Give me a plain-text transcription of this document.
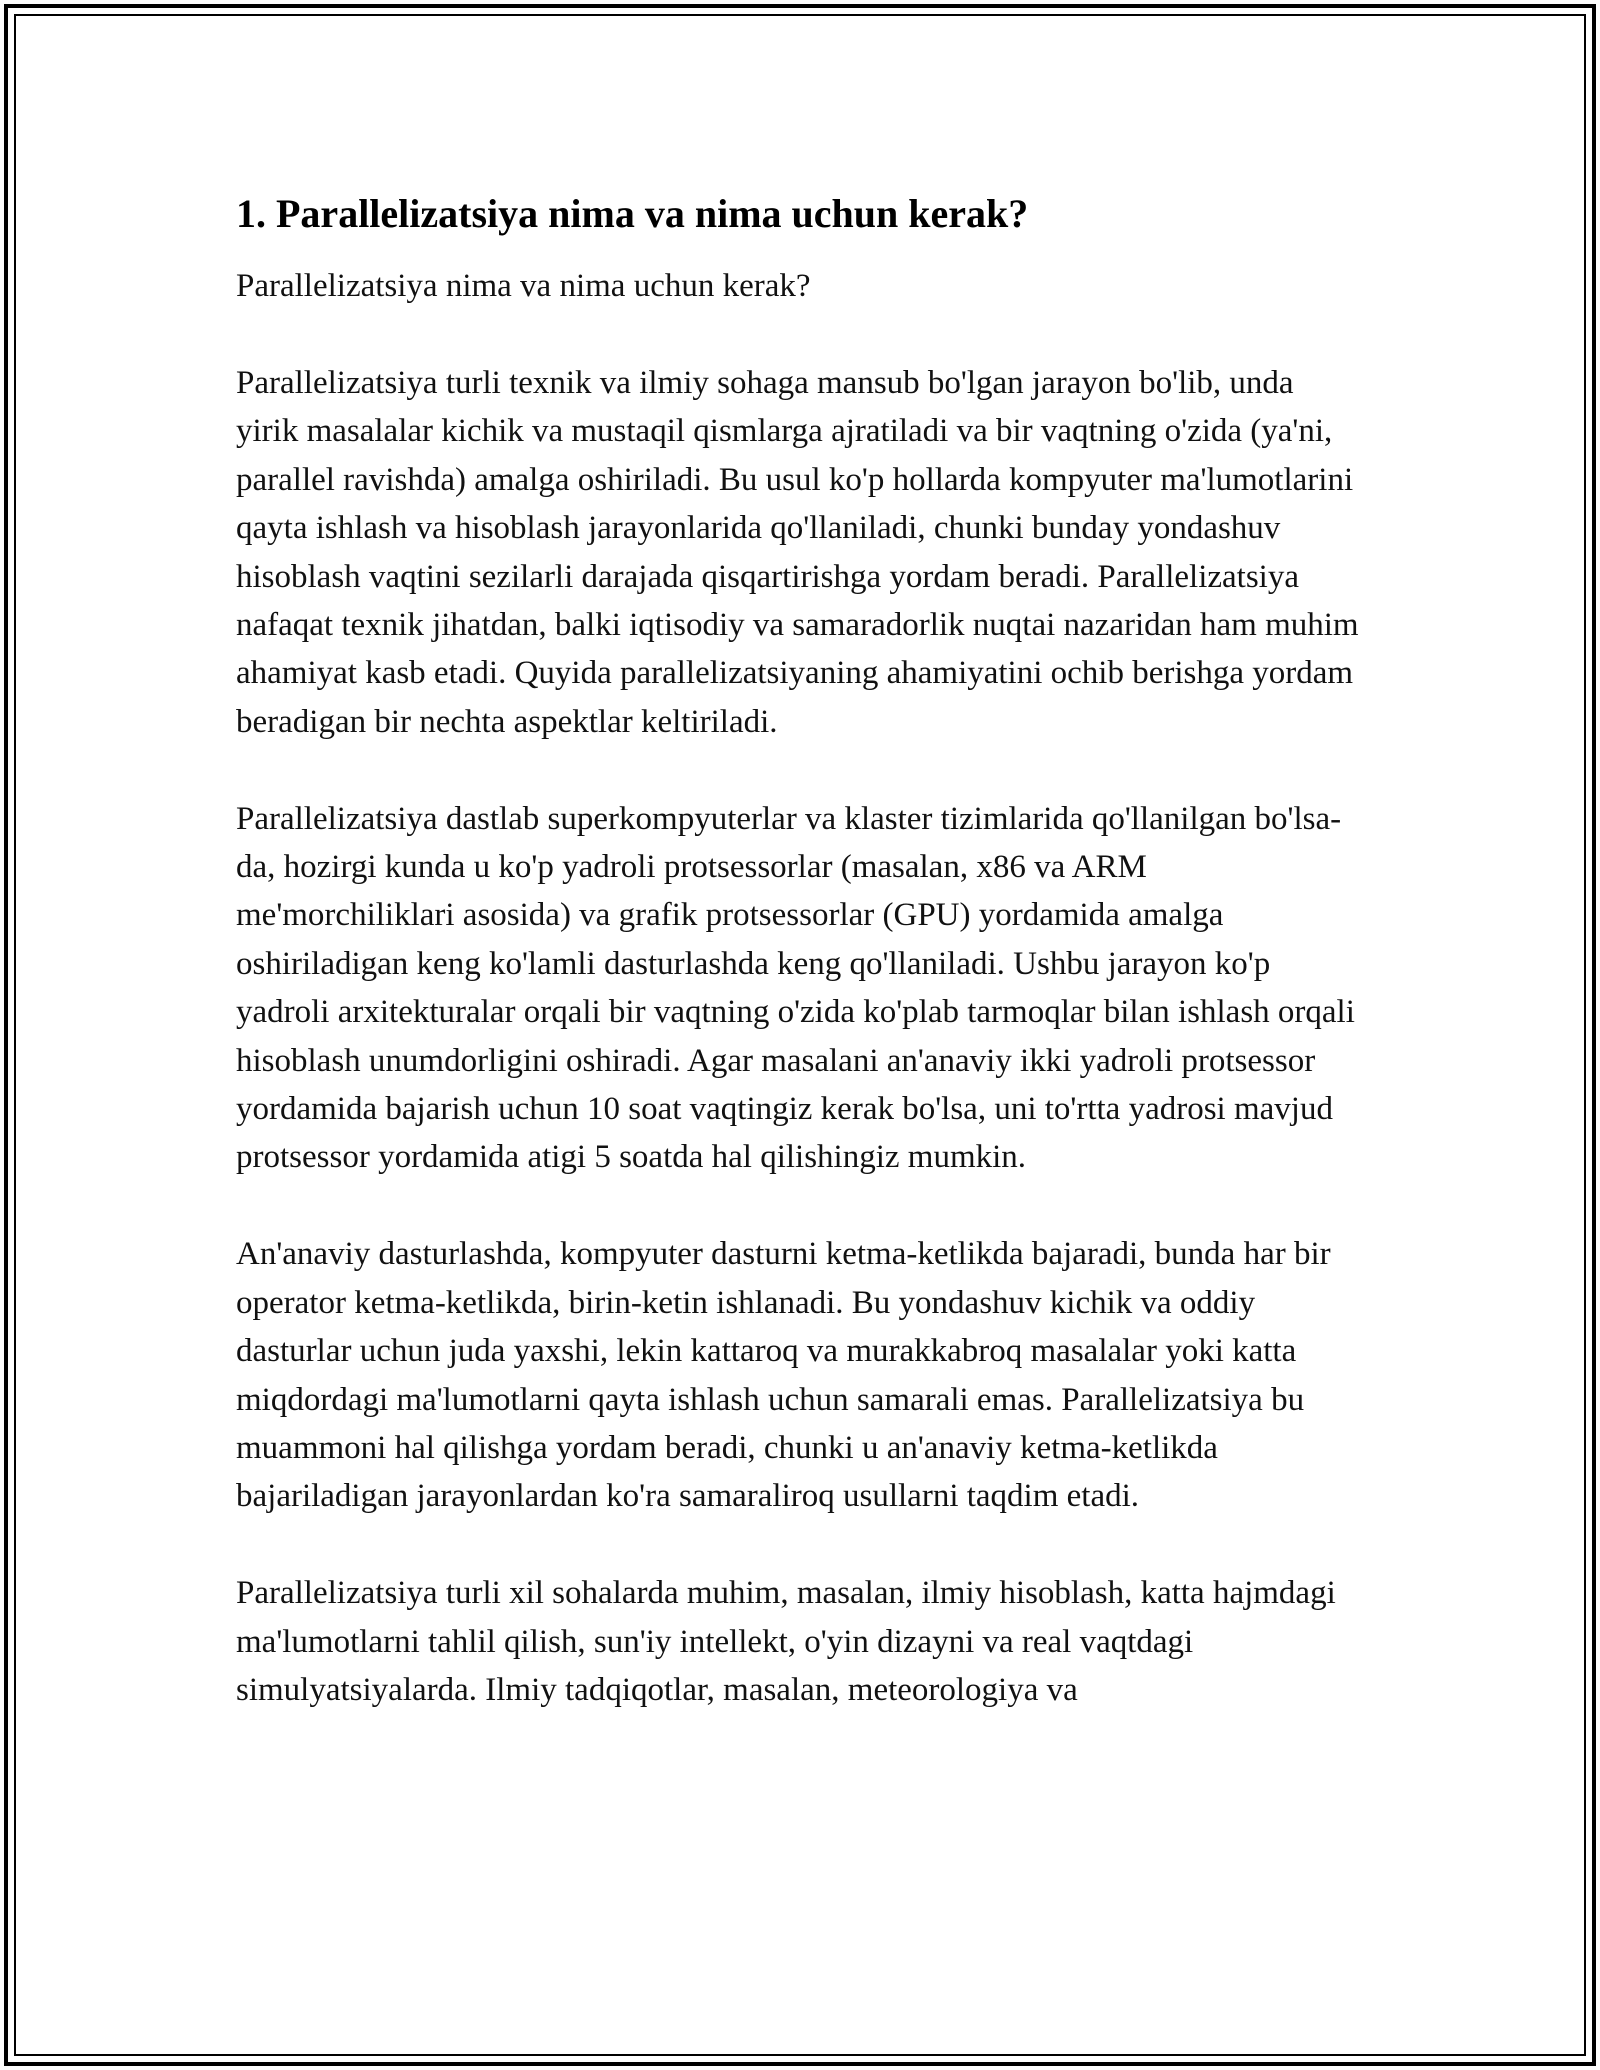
1. Parallelizatsiya nima va nima uchun kerak?

Parallelizatsiya nima va nima uchun kerak?

Parallelizatsiya turli texnik va ilmiy sohaga mansub bo'lgan jarayon bo'lib, unda yirik masalalar kichik va mustaqil qismlarga ajratiladi va bir vaqtning o'zida (ya'ni, parallel ravishda) amalga oshiriladi. Bu usul ko'p hollarda kompyuter ma'lumotlarini qayta ishlash va hisoblash jarayonlarida qo'llaniladi, chunki bunday yondashuv hisoblash vaqtini sezilarli darajada qisqartirishga yordam beradi. Parallelizatsiya nafaqat texnik jihatdan, balki iqtisodiy va samaradorlik nuqtai nazaridan ham muhim ahamiyat kasb etadi. Quyida parallelizatsiyaning ahamiyatini ochib berishga yordam beradigan bir nechta aspektlar keltiriladi.

Parallelizatsiya dastlab superkompyuterlar va klaster tizimlarida qo'llanilgan bo'lsa-da, hozirgi kunda u ko'p yadroli protsessorlar (masalan, x86 va ARM me'morchiliklari asosida) va grafik protsessorlar (GPU) yordamida amalga oshiriladigan keng ko'lamli dasturlashda keng qo'llaniladi. Ushbu jarayon ko'p yadroli arxitekturalar orqali bir vaqtning o'zida ko'plab tarmoqlar bilan ishlash orqali hisoblash unumdorligini oshiradi. Agar masalani an'anaviy ikki yadroli protsessor yordamida bajarish uchun 10 soat vaqtingiz kerak bo'lsa, uni to'rtta yadrosi mavjud protsessor yordamida atigi 5 soatda hal qilishingiz mumkin.

An'anaviy dasturlashda, kompyuter dasturni ketma-ketlikda bajaradi, bunda har bir operator ketma-ketlikda, birin-ketin ishlanadi. Bu yondashuv kichik va oddiy dasturlar uchun juda yaxshi, lekin kattaroq va murakkabroq masalalar yoki katta miqdordagi ma'lumotlarni qayta ishlash uchun samarali emas. Parallelizatsiya bu muammoni hal qilishga yordam beradi, chunki u an'anaviy ketma-ketlikda bajariladigan jarayonlardan ko'ra samaraliroq usullarni taqdim etadi.

Parallelizatsiya turli xil sohalarda muhim, masalan, ilmiy hisoblash, katta hajmdagi ma'lumotlarni tahlil qilish, sun'iy intellekt, o'yin dizayni va real vaqtdagi simulyatsiyalarda. Ilmiy tadqiqotlar, masalan, meteorologiya va
